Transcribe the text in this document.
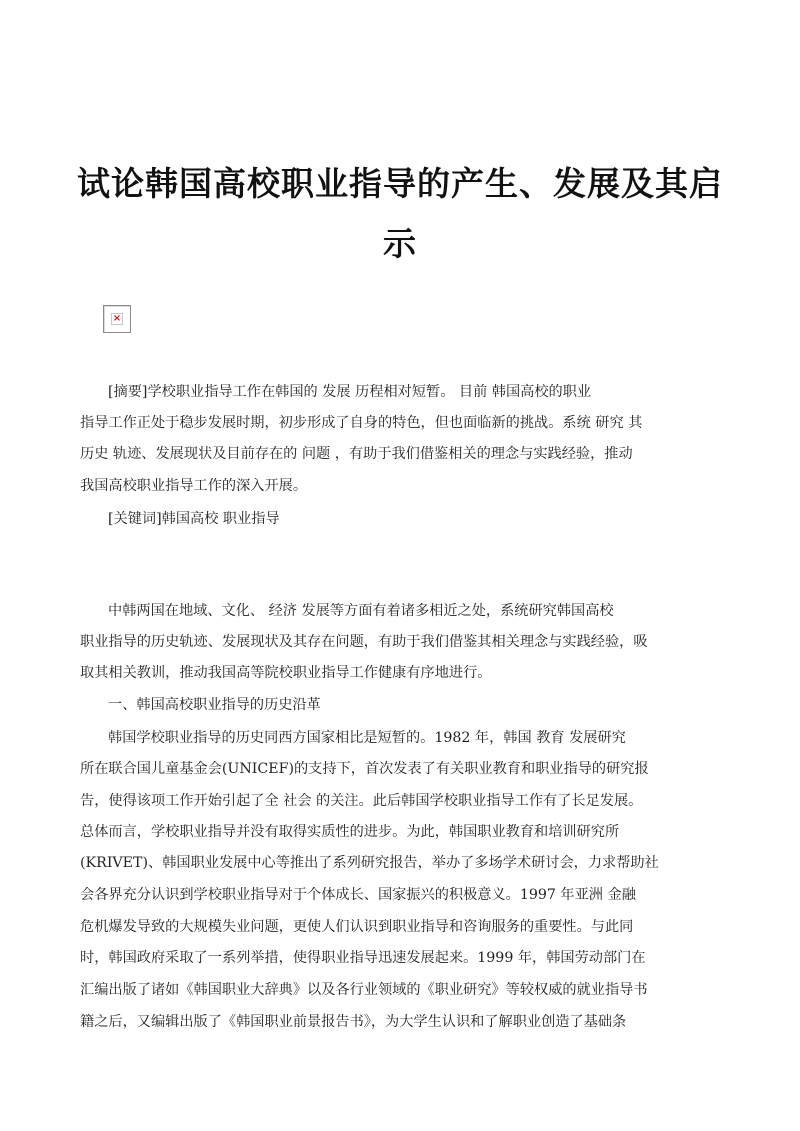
试论韩国高校职业指导的产生、发展及其启
示
×
[摘要]学校职业指导工作在韩国的 发展 历程相对短暂。 目前 韩国高校的职业
指导工作正处于稳步发展时期，初步形成了自身的特色，但也面临新的挑战。系统 研究 其
历史 轨迹、发展现状及目前存在的 问题 ，有助于我们借鉴相关的理念与实践经验，推动
我国高校职业指导工作的深入开展。
[关键词]韩国高校 职业指导
中韩两国在地域、文化、 经济 发展等方面有着诸多相近之处，系统研究韩国高校
职业指导的历史轨迹、发展现状及其存在问题，有助于我们借鉴其相关理念与实践经验，吸
取其相关教训，推动我国高等院校职业指导工作健康有序地进行。
一、韩国高校职业指导的历史沿革
韩国学校职业指导的历史同西方国家相比是短暂的。1982 年，韩国 教育 发展研究
所在联合国儿童基金会(UNICEF)的支持下，首次发表了有关职业教育和职业指导的研究报
告，使得该项工作开始引起了全 社会 的关注。此后韩国学校职业指导工作有了长足发展。
总体而言，学校职业指导并没有取得实质性的进步。为此，韩国职业教育和培训研究所
(KRIVET)、韩国职业发展中心等推出了系列研究报告，举办了多场学术研讨会，力求帮助社
会各界充分认识到学校职业指导对于个体成长、国家振兴的积极意义。1997 年亚洲 金融
危机爆发导致的大规模失业问题，更使人们认识到职业指导和咨询服务的重要性。与此同
时，韩国政府采取了一系列举措，使得职业指导迅速发展起来。1999 年，韩国劳动部门在
汇编出版了诸如《韩国职业大辞典》以及各行业领域的《职业研究》等较权威的就业指导书
籍之后，又编辑出版了《韩国职业前景报告书》，为大学生认识和了解职业创造了基础条
